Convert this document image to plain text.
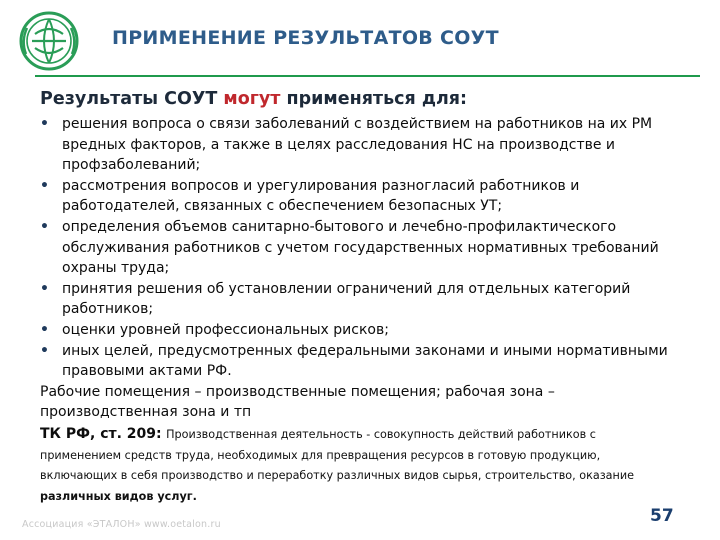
ПРИМЕНЕНИЕ РЕЗУЛЬТАТОВ СОУТ
Результаты СОУТ могут применяться для:
• решения вопроса о связи заболеваний с воздействием на работников на их РМ вредных факторов, а также в целях расследования НС на производстве и профзаболеваний;
• рассмотрения вопросов и урегулирования разногласий работников и работодателей, связанных с обеспечением безопасных УТ;
• определения объемов санитарно-бытового и лечебно-профилактического обслуживания работников с учетом государственных нормативных требований охраны труда;
• принятия решения об установлении ограничений для отдельных категорий работников;
• оценки уровней профессиональных рисков;
• иных целей, предусмотренных федеральными законами и иными нормативными правовыми актами РФ.
Рабочие помещения – производственные помещения; рабочая зона – производственная зона и тп
ТК РФ, ст. 209: Производственная деятельность - совокупность действий работников с применением средств труда, необходимых для превращения ресурсов в готовую продукцию, включающих в себя производство и переработку различных видов сырья, строительство, оказание
различных видов услуг.
Ассоциация «ЭТАЛОН» www.oetalon.ru	57
